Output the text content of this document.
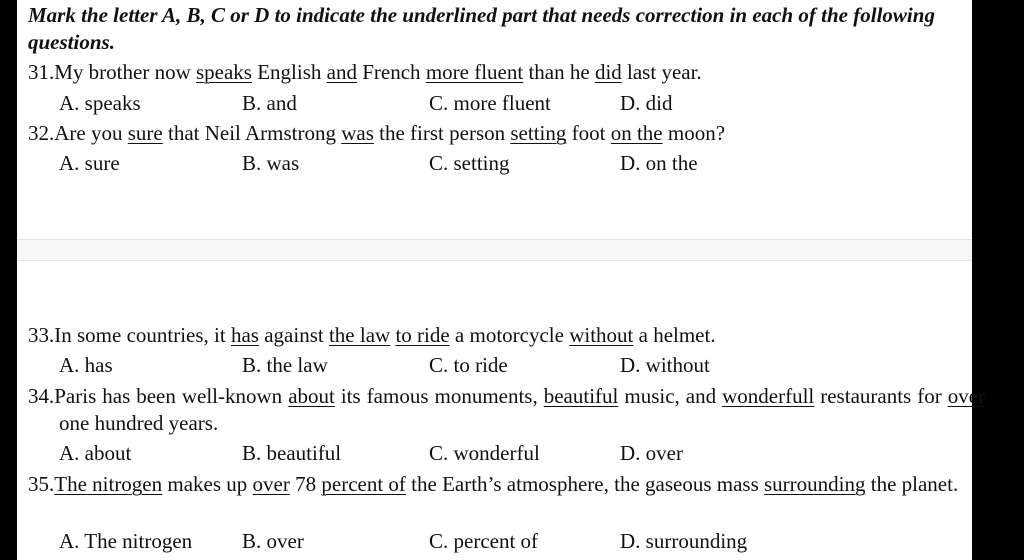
Mark the letter A, B, C or D to indicate the underlined part that needs correction in each of the following questions.
31.My brother now speaks English and French more fluent than he did last year.
A. speaks	B. and	C. more fluent	D. did
32.Are you sure that Neil Armstrong was the first person setting foot on the moon?
A. sure	B. was	C. setting	D. on the
33.In some countries, it has against the law to ride a motorcycle without a helmet.
A. has	B. the law	C. to ride	D. without
34.Paris has been well-known about its famous monuments, beautiful music, and wonderfull restaurants for over one hundred years.
A. about	B. beautiful	C. wonderful	D. over
35.The nitrogen makes up over 78 percent of the Earth’s atmosphere, the gaseous mass surrounding the planet.
A. The nitrogen B. over	C. percent of	D. surrounding
